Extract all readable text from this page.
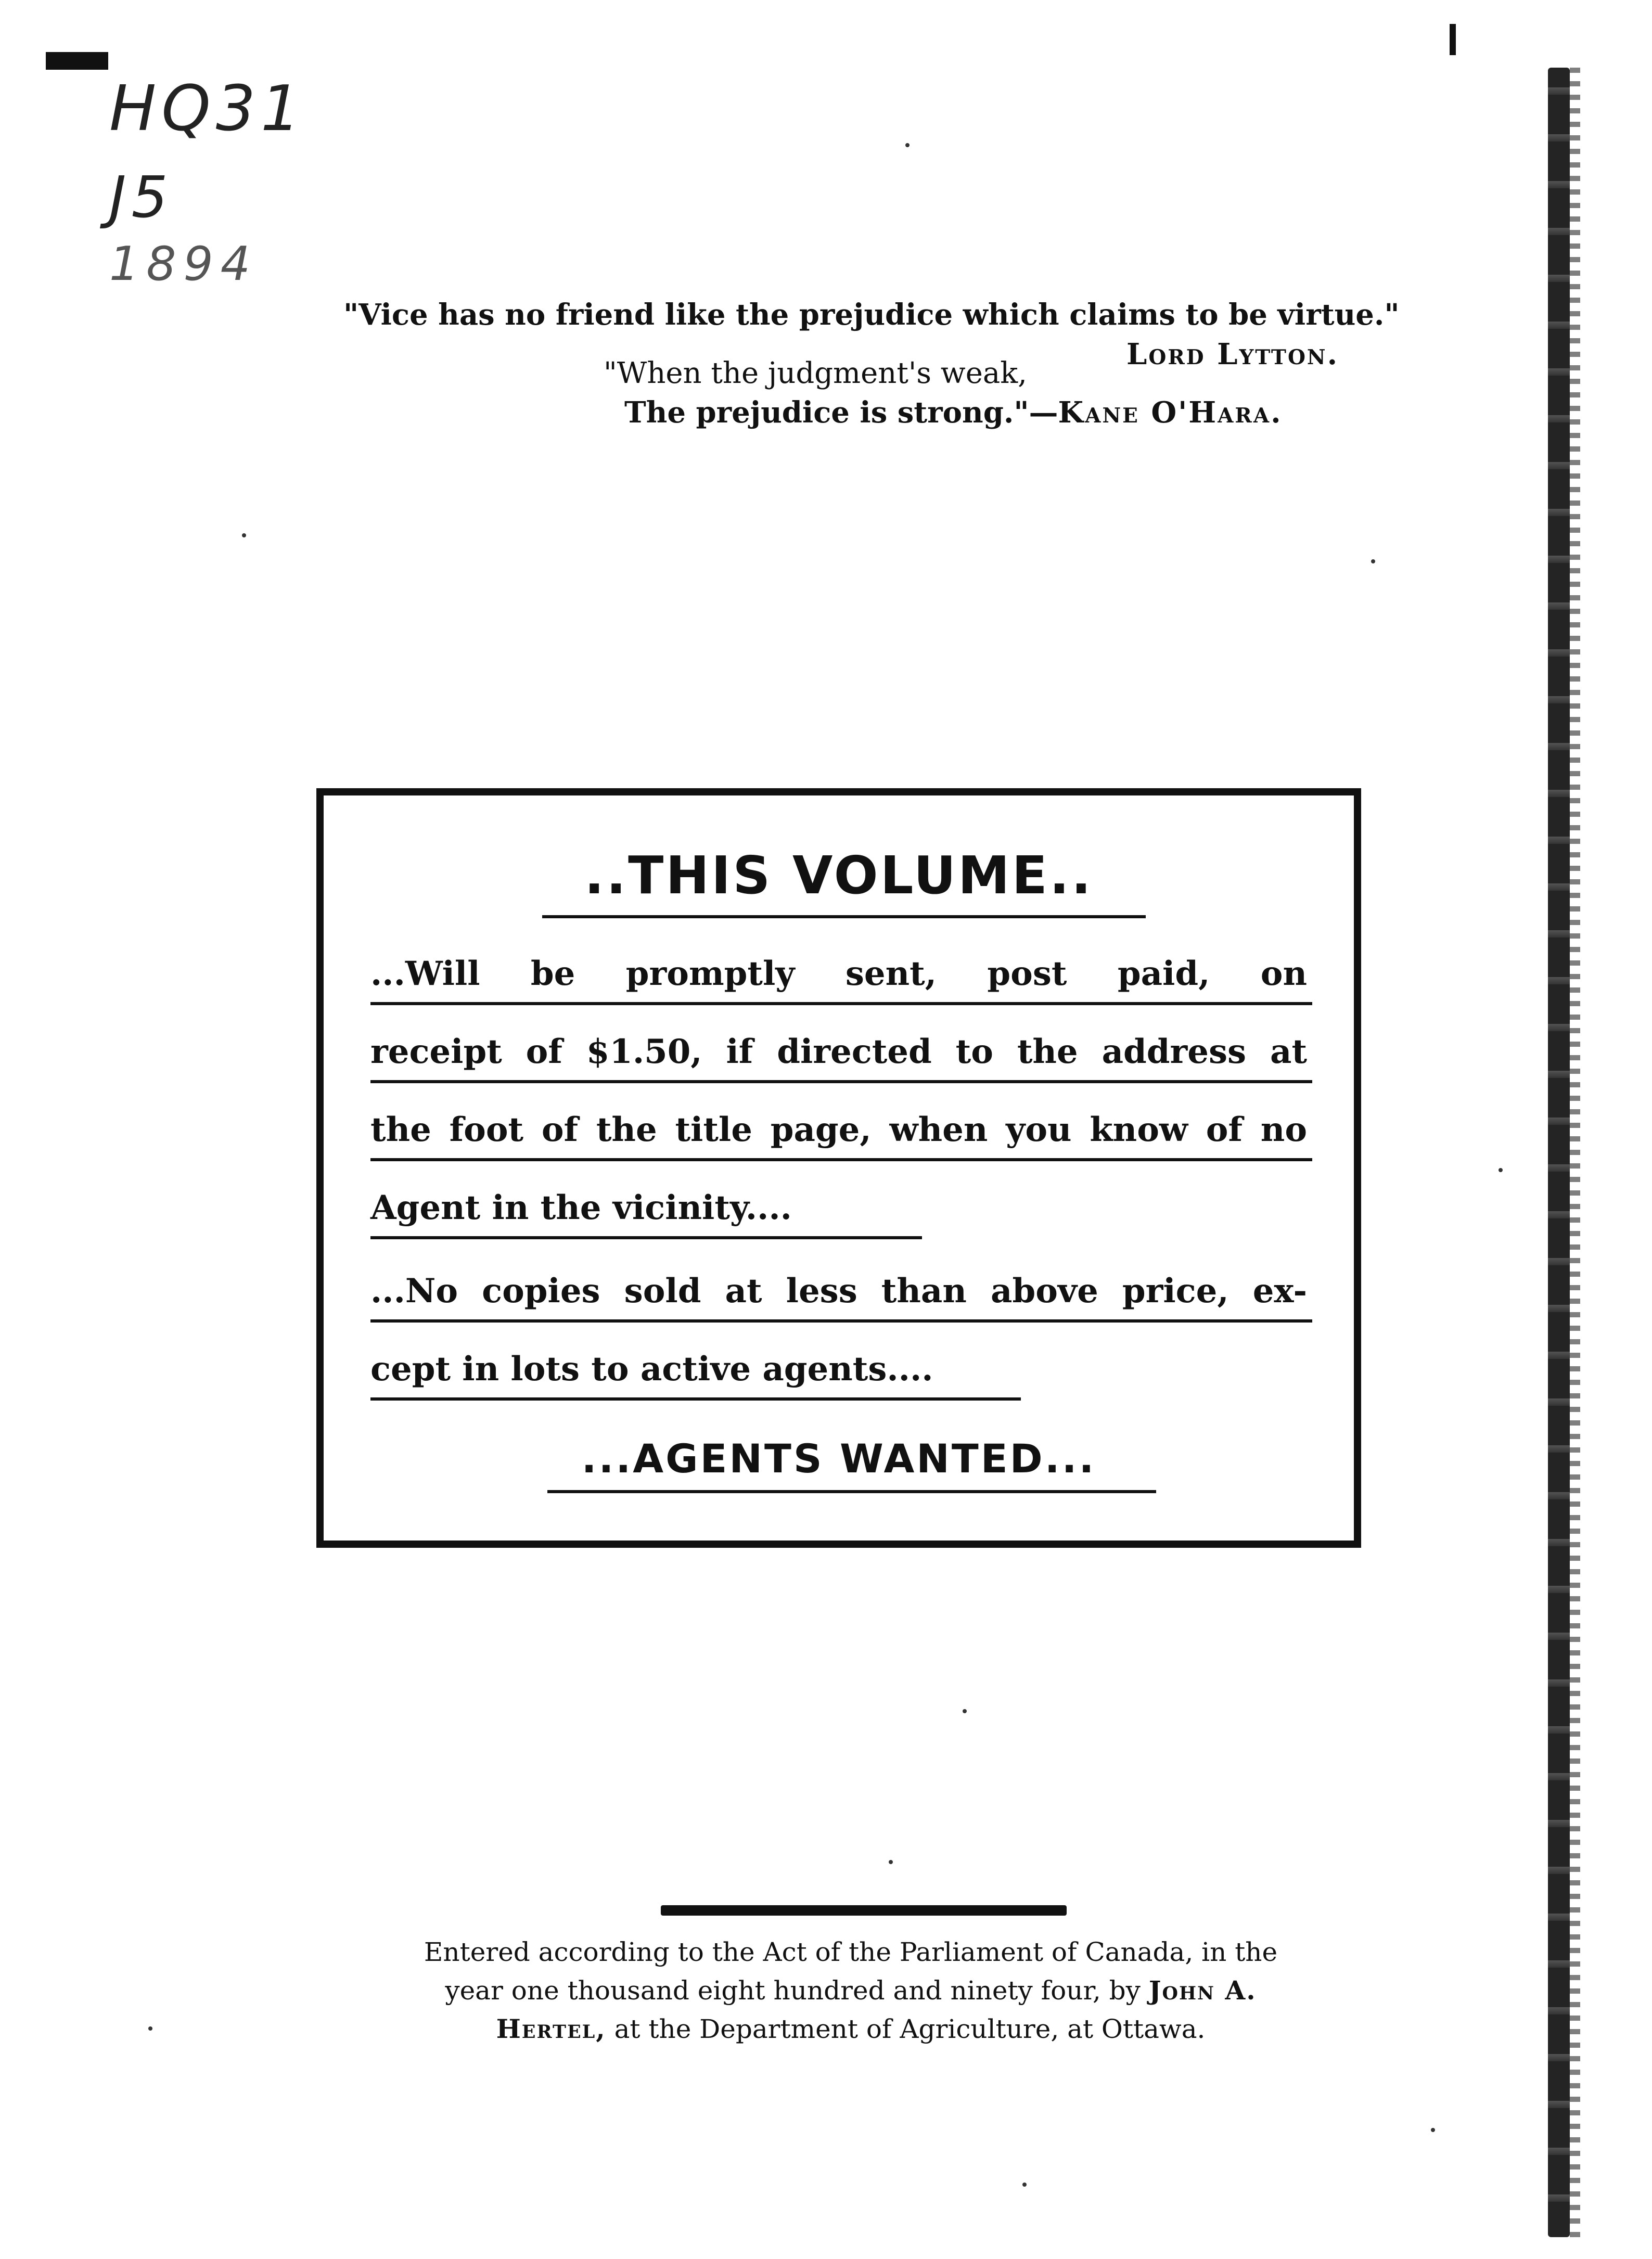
HQ31
J5
1894
"Vice has no friend like the prejudice which claims to be virtue."
Lord Lytton.
"When the judgment's weak,
The prejudice is strong."—Kane O'Hara.
..THIS VOLUME..
...Will be promptly sent, post paid, on
receipt of $1.50, if directed to the address at
the foot of the title page, when you know of no
Agent in the vicinity....
...No copies sold at less than above price, ex-
cept in lots to active agents....
...AGENTS WANTED...
Entered according to the Act of the Parliament of Canada, in the
year one thousand eight hundred and ninety four, by John A.
Hertel, at the Department of Agriculture, at Ottawa.
